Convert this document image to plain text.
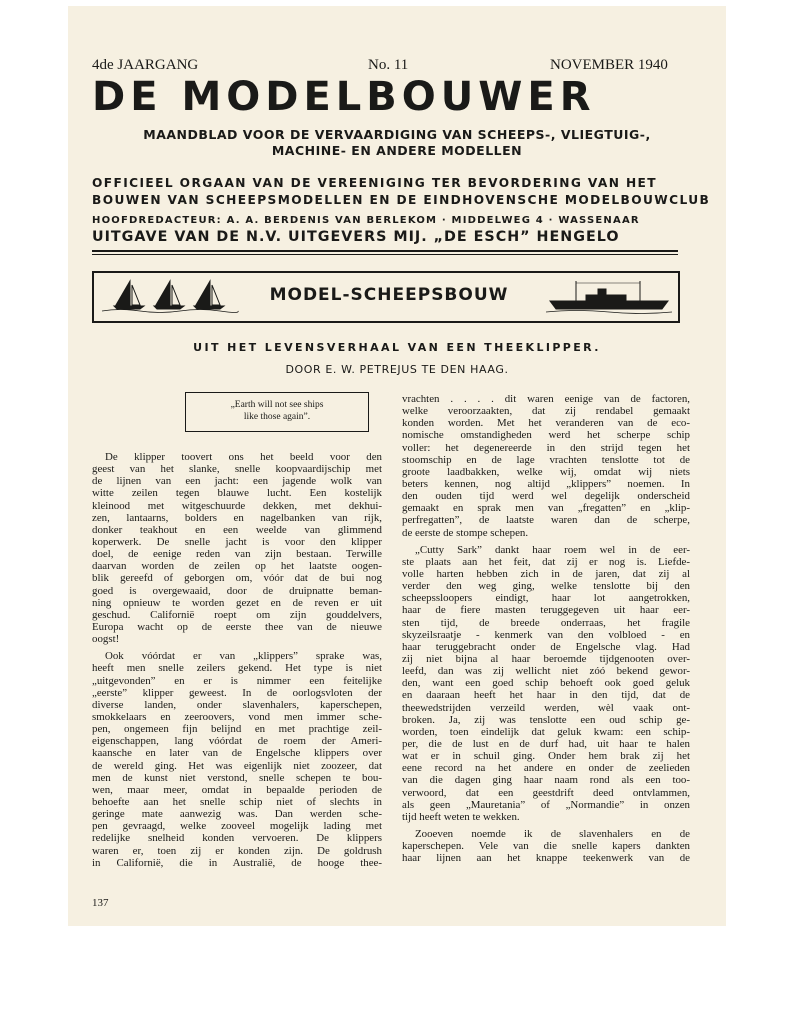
4de JAARGANG	No. 11	NOVEMBER 1940
DE MODELBOUWER
MAANDBLAD VOOR DE VERVAARDIGING VAN SCHEEPS-, VLIEGTUIG-,
MACHINE- EN ANDERE MODELLEN
OFFICIEEL ORGAAN VAN DE VEREENIGING TER BEVORDERING VAN HET
BOUWEN VAN SCHEEPSMODELLEN EN DE EINDHOVENSCHE MODELBOUWCLUB
HOOFDREDACTEUR: A. A. BERDENIS VAN BERLEKOM · MIDDELWEG 4 · WASSENAAR
UITGAVE VAN DE N.V. UITGEVERS MIJ. „DE ESCH” HENGELO
MODEL-SCHEEPSBOUW
UIT HET LEVENSVERHAAL VAN EEN THEEKLIPPER.
DOOR E. W. PETREJUS TE DEN HAAG.
„Earth will not see ships
like those again”.
De klipper toovert ons het beeld voor den
geest van het slanke, snelle koopvaardijschip met
de lijnen van een jacht: een jagende wolk van
witte zeilen tegen blauwe lucht. Een kostelijk
kleinood met witgeschuurde dekken, met dekhui-
zen, lantaarns, bolders en nagelbanken van rijk,
donker teakhout en een weelde van glimmend
koperwerk. De snelle jacht is voor den klipper
doel, de eenige reden van zijn bestaan. Terwille
daarvan worden de zeilen op het laatste oogen-
blik gereefd of geborgen om, vóór dat de bui nog
goed is overgewaaid, door de druipnatte beman-
ning opnieuw te worden gezet en de reven er uit
geschud. Californië roept om zijn gouddelvers,
Europa wacht op de eerste thee van de nieuwe
oogst!
Ook vóórdat er van „klippers” sprake was,
heeft men snelle zeilers gekend. Het type is niet
„uitgevonden” en er is nimmer een feitelijke
„eerste” klipper geweest. In de oorlogsvloten der
diverse landen, onder slavenhalers, kaperschepen,
smokkelaars en zeeroovers, vond men immer sche-
pen, ongemeen fijn belijnd en met prachtige zeil-
eigenschappen, lang vóórdat de roem der Ameri-
kaansche en later van de Engelsche klippers over
de wereld ging. Het was eigenlijk niet zoozeer, dat
men de kunst niet verstond, snelle schepen te bou-
wen, maar meer, omdat in bepaalde perioden de
behoefte aan het snelle schip niet of slechts in
geringe mate aanwezig was. Dan werden sche-
pen gevraagd, welke zooveel mogelijk lading met
redelijke snelheid konden vervoeren. De klippers
waren er, toen zij er konden zijn. De goldrush
in Californië, die in Australië, de hooge thee-
vrachten . . . . dit waren eenige van de factoren,
welke veroorzaakten, dat zij rendabel gemaakt
konden worden. Met het veranderen van de eco-
nomische omstandigheden werd het scherpe schip
voller: het degenereerde in den strijd tegen het
stoomschip en de lage vrachten tenslotte tot de
groote laadbakken, welke wij, omdat wij niets
beters kennen, nog altijd „klippers” noemen. In
den ouden tijd werd wel degelijk onderscheid
gemaakt en sprak men van „fregatten” en „klip-
perfregatten”, de laatste waren dan de scherpe,
de eerste de stompe schepen.
„Cutty Sark” dankt haar roem wel in de eer-
ste plaats aan het feit, dat zij er nog is. Liefde-
volle harten hebben zich in de jaren, dat zij al
verder den weg ging, welke tenslotte bij den
scheepssloopers eindigt, haar lot aangetrokken,
haar de fiere masten teruggegeven uit haar eer-
sten tijd, de breede onderraas, het fragile
skyzeilsraatje - kenmerk van den volbloed - en
haar teruggebracht onder de Engelsche vlag. Had
zij niet bijna al haar beroemde tijdgenooten over-
leefd, dan was zij wellicht niet zóó bekend gewor-
den, want een goed schip behoeft ook goed geluk
en daaraan heeft het haar in den tijd, dat de
theewedstrijden verzeild werden, wèl vaak ont-
broken. Ja, zij was tenslotte een oud schip ge-
worden, toen eindelijk dat geluk kwam: een schip-
per, die de lust en de durf had, uit haar te halen
wat er in schuil ging. Onder hem brak zij het
eene record na het andere en onder de zeelieden
van die dagen ging haar naam rond als een too-
verwoord, dat een geestdrift deed ontvlammen,
als geen „Mauretania” of „Normandie” in onzen
tijd heeft weten te wekken.
Zooeven noemde ik de slavenhalers en de
kaperschepen. Vele van die snelle kapers dankten
haar lijnen aan het knappe teekenwerk van de
137
